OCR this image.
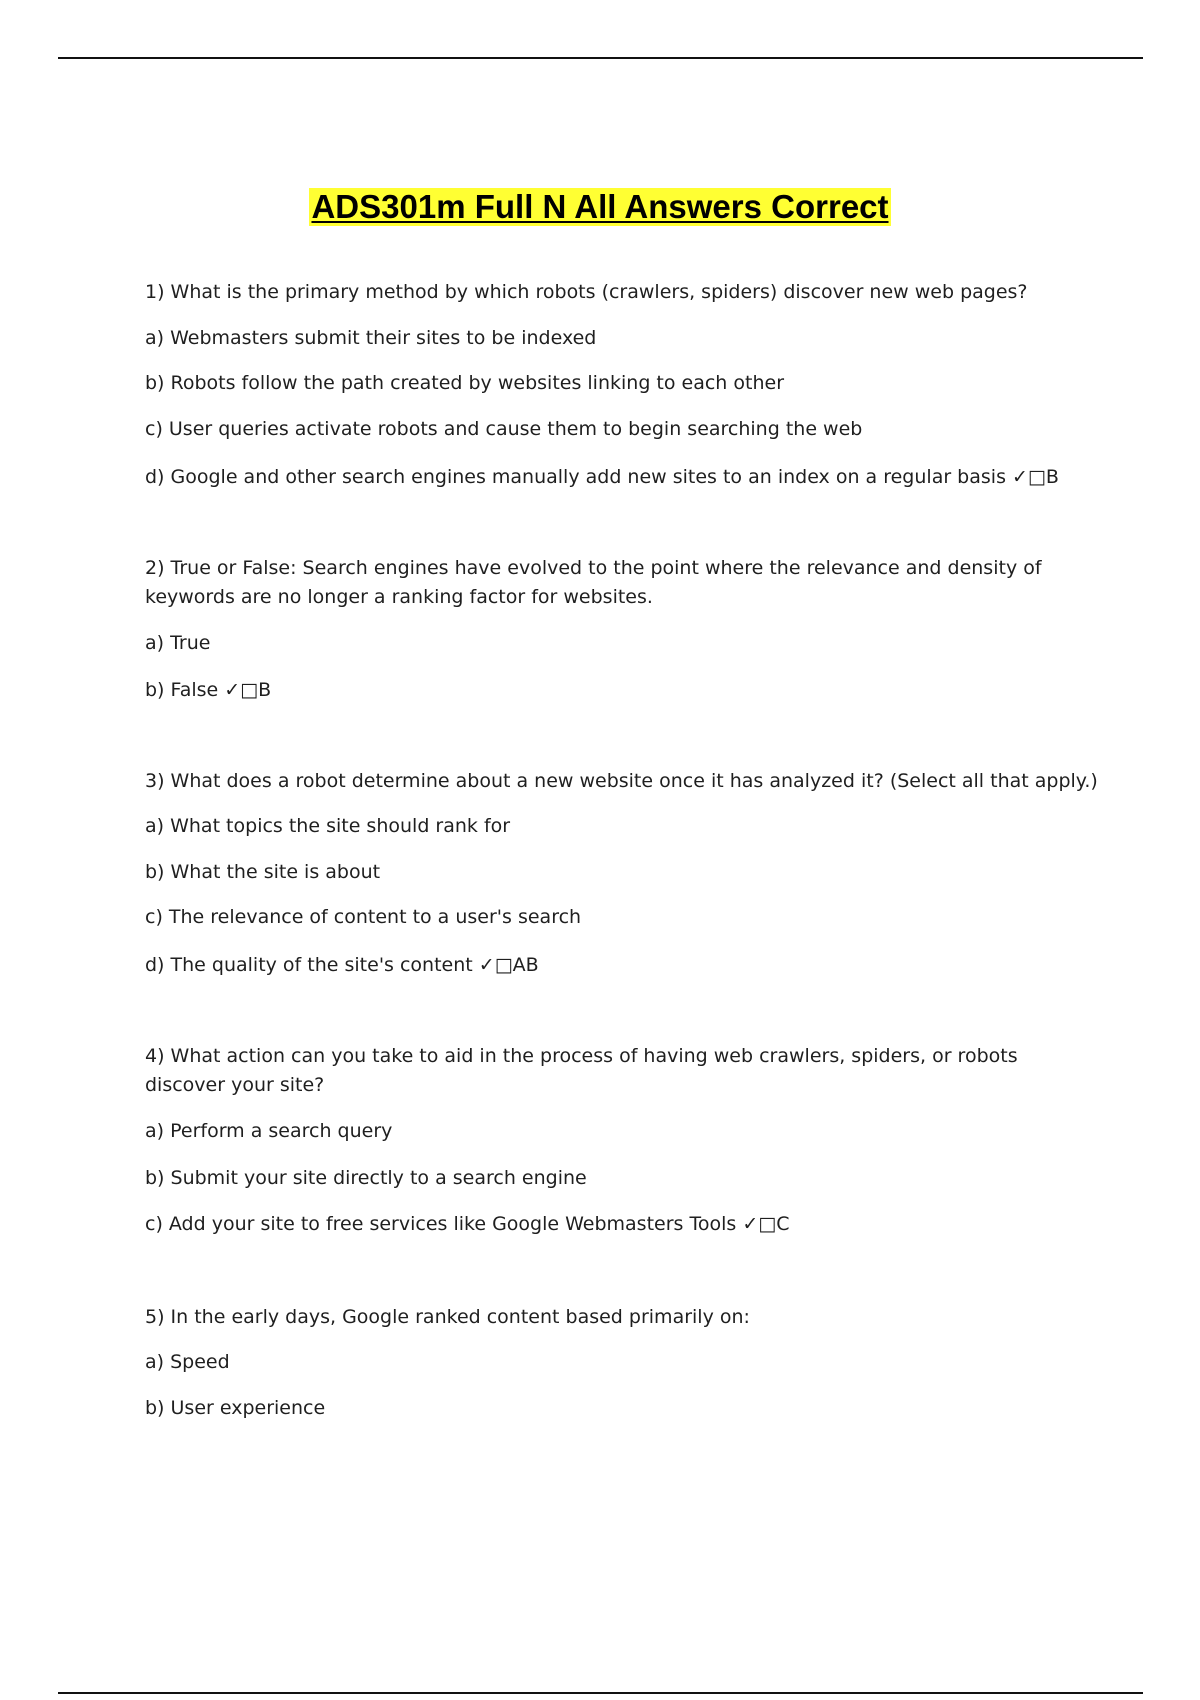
ADS301m Full N All Answers Correct
1) What is the primary method by which robots (crawlers, spiders) discover new web pages?
a) Webmasters submit their sites to be indexed
b) Robots follow the path created by websites linking to each other
c) User queries activate robots and cause them to begin searching the web
d) Google and other search engines manually add new sites to an index on a regular basis ✓□B
2) True or False: Search engines have evolved to the point where the relevance and density of keywords are no longer a ranking factor for websites.
a) True
b) False ✓□B
3) What does a robot determine about a new website once it has analyzed it? (Select all that apply.)
a) What topics the site should rank for
b) What the site is about
c) The relevance of content to a user's search
d) The quality of the site's content ✓□AB
4) What action can you take to aid in the process of having web crawlers, spiders, or robots discover your site?
a) Perform a search query
b) Submit your site directly to a search engine
c) Add your site to free services like Google Webmasters Tools ✓□C
5) In the early days, Google ranked content based primarily on:
a) Speed
b) User experience
